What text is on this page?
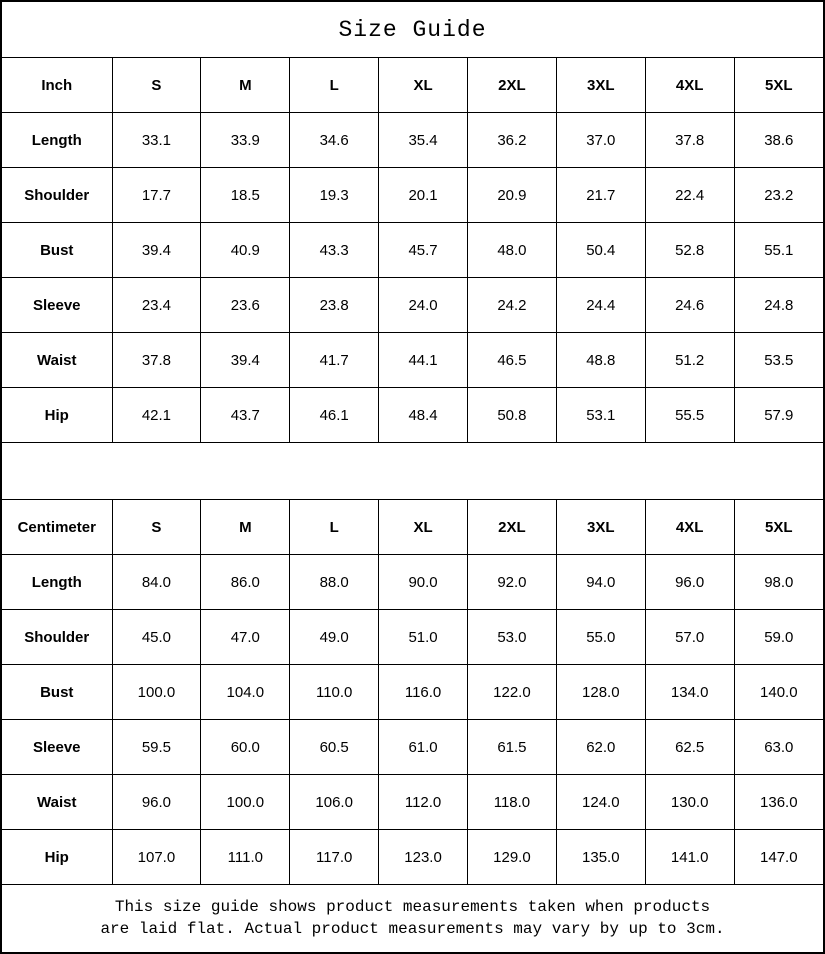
Size Guide
Inch	S	M	L	XL	2XL	3XL	4XL	5XL
Length	33.1	33.9	34.6	35.4	36.2	37.0	37.8	38.6
Shoulder	17.7	18.5	19.3	20.1	20.9	21.7	22.4	23.2
Bust	39.4	40.9	43.3	45.7	48.0	50.4	52.8	55.1
Sleeve	23.4	23.6	23.8	24.0	24.2	24.4	24.6	24.8
Waist	37.8	39.4	41.7	44.1	46.5	48.8	51.2	53.5
Hip	42.1	43.7	46.1	48.4	50.8	53.1	55.5	57.9
Centimeter	S	M	L	XL	2XL	3XL	4XL	5XL
Length	84.0	86.0	88.0	90.0	92.0	94.0	96.0	98.0
Shoulder	45.0	47.0	49.0	51.0	53.0	55.0	57.0	59.0
Bust	100.0	104.0	110.0	116.0	122.0	128.0	134.0	140.0
Sleeve	59.5	60.0	60.5	61.0	61.5	62.0	62.5	63.0
Waist	96.0	100.0	106.0	112.0	118.0	124.0	130.0	136.0
Hip	107.0	111.0	117.0	123.0	129.0	135.0	141.0	147.0
This size guide shows product measurements taken when products
are laid flat. Actual product measurements may vary by up to 3cm.
